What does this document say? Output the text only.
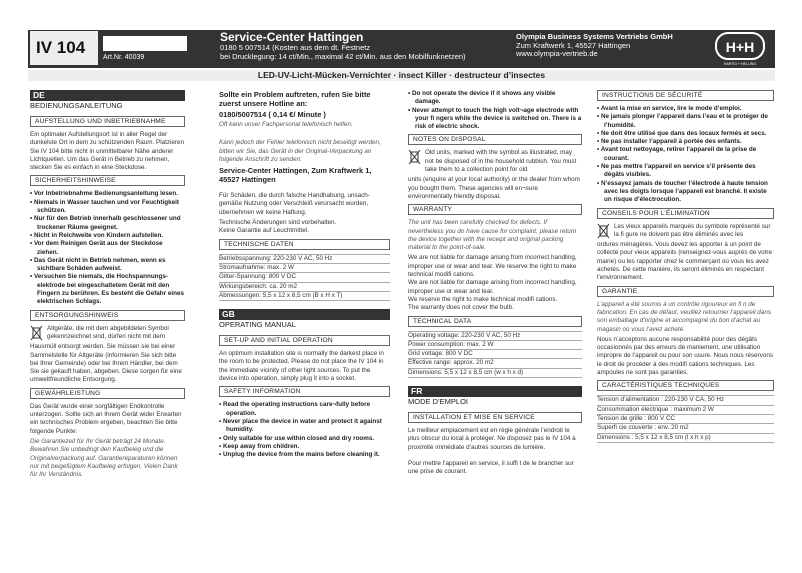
IV 104
Art.Nr. 40039
Service-Center Hattingen
0180 5 007514 (Kosten aus dem dt. Festnetz
bei Drucklegung: 14 ct/Min., maximal 42 ct/Min. aus den Mobilfunknetzen)
Olympia Business Systems Vertriebs GmbH
Zum Kraftwerk 1, 45527 Hattingen
www.olympia-vertrieb.de	H+H
HARTIG + HELLING
LED-UV-Licht-Mücken-Vernichter · insect Killer · destructeur d’insectes
DE
BEDIENUNGSANLEITUNG
AUFSTELLUNG UND INBETRIEBNAHME

Ein optimaler Aufstellungsort ist in aller Regel der dunkelste Ort in dem zu schützenden Raum. Platzieren Sie IV 104 bitte nicht in unmittelbarer Nähe anderer Lichtquellen. Um das Gerät in Betrieb zu nehmen, stecken Sie es einfach in eine Steckdose.

SICHERHEITSHINWEISE
• Vor Inbetriebnahme Bedienungsanleitung lesen.
• Niemals in Wasser tauchen und vor Feuchtigkeit schützen.
• Nur für den Betrieb innerhalb geschlossener und trockener Räume geeignet.
• Nicht in Reichweite von Kindern aufstellen.
• Vor dem Reinigen Gerät aus der Steckdose ziehen.
• Das Gerät nicht in Betrieb nehmen, wenn es sichtbare Schäden aufweist.
• Versuchen Sie niemals, die Hochspannungselektrode bei eingeschaltetem Gerät mit den Fingern zu berühren. Es besteht die Gefahr eines elektrischen Schlags.
ENTSORGUNGSHINWEIS

Altgeräte, die mit dem abgebildeten Symbol gekennzeichnet sind, dürfen nicht mit dem

Hausmüll entsorgt werden. Sie müssen sie bei einer Sammelstelle für Altgeräte (informieren Sie sich bitte bei Ihrer Gemeinde) oder bei Ihrem Händler, bei dem Sie sie gekauft haben, abgeben. Diese sorgen für eine umweltfreundliche Entsorgung.

GEWÄHRLEISTUNG

Das Gerät wurde einer sorgfältigen Endkontrolle unterzogen. Sollte sich an Ihrem Gerät wider Erwarten ein technisches Problem ergeben, beachten Sie bitte folgende Punkte:

Die Garantiezeit für Ihr Gerät beträgt 24 Monate. Bewahren Sie unbedingt den Kaufbeleg und die Originalverpackung auf. Garantiereparaturen können nur mit beigefügtem Kaufbeleg erfolgen. Vielen Dank für Ihr Verständnis.

Sollte ein Problem auftreten, rufen Sie bitte zuerst unsere Hotline an:

0180/5007514 ( 0,14 €/ Minute )

Oft kann unser Fachpersonal telefonisch helfen.

Kann jedoch der Fehler telefonisch nicht beseitigt werden, bitten wir Sie, das Gerät in der Original-Verpackung an folgende Anschrift zu senden:

Service-Center Hattingen, Zum Kraftwerk 1, 45527 Hattingen

Für Schäden, die durch falsche Handhabung, unsachgemäße Nutzung oder Verschleiß verursacht wurden, übernehmen wir keine Haftung.

Technische Änderungen sind vorbehalten.

Keine Garantie auf Leuchtmittel.

TECHNISCHE DATEN
Betriebsspannung: 220-230 V AC, 50 Hz
Stromaufnahme: max. 2 W
Gitter-Spannung: 800 V DC
Wirkungsbereich: ca. 20 m2
Abmessungen: 5,5 x 12 x 8,5 cm (B x H x T)
GB
OPERATING MANUAL
SET-UP AND INITIAL OPERATION

An optimum installation site is normally the darkest place in the room to be protected. Please do not place the IV 104 in the immediate vicinity of other light sources. To put the device into operation, simply plug it into a socket.

SAFETY INFORMATION
• Read the operating instructions care¬fully before operation.
• Never place the device in water and protect it against humidity.
• Only suitable for use within closed and dry rooms.
• Keep away from children.
• Unplug the device from the mains before cleaning it.
• Do not operate the device if it shows any visible damage.
• Never attempt to touch the high volt¬age electrode with your fi ngers while the device is switched on. There is a risk of electric shock.
NOTES ON DISPOSAL

Old units, marked with the symbol as illustrated, may not be disposed of in the household rubbish. You must take them to a collection point for old

units (enquire at your local authority) or the dealer from whom you bought them. These agencies will en¬sure environmentally friendly disposal.

WARRANTY

The unit has been carefully checked for defects. If nevertheless you do have cause for complaint, please return the device together with the receipt and original packing material to the point-of-sale.

We are not liable for damage arising from incorrect handling, improper use or wear and tear. We reserve the right to make technical modifi cations.

We are not liable for damage arising from incorrect handling, improper use or wear and tear.

We reserve the right to make technical modifi cations.

The warranty does not cover the bulb.

TECHNICAL DATA
Operating voltage: 220-230 V AC, 50 Hz
Power consumption: max. 2 W
Grid voltage: 800 V DC
Effective range: approx. 20 m2
Dimensions: 5,5 x 12 x 8,5 cm (w x h x d)
FR
MODE D’EMPLOI
INSTALLATION ET MISE EN SERVICE

Le meilleur emplacement est en règle générale l’endroit le plus obscur du local à protéger. Ne disposez pas le IV 104 à proximité immédiate d’autres sources de lumière.

Pour mettre l’appareil en service, il suffi t de le brancher sur une prise de courant.

INSTRUCTIONS DE SÉCURITÉ
• Avant la mise en service, lire le mode d’emploi.
• Ne jamais plonger l’appareil dans l’eau et le protéger de l’humidité.
• Ne doit être utilisé que dans des locaux fermés et secs.
• Ne pas installer l’appareil à portée des enfants.
• Avant tout nettoyage, retirer l’appareil de la prise de courant.
• Ne pas mettre l’appareil en service s’il présente des dégâts visibles.
• N’essayez jamais de toucher l’électrode à haute tension avec les doigts lorsque l’appareil est branché. Il existe un risque d’électrocution.
CONSEILS POUR L’ÉLIMINATION

Les vieux appareils marqués du symbole représenté sur la fi gure ne doivent pas être éliminés avec les

ordures ménagères. Vous devez les apporter à un point de collecte pour vieux appareils (renseignez-vous auprès de votre mairie) ou les rapporter chez le commerçant où vous les avez achetés. De cette manière, ils seront éliminés en respectant l’environnement.

GARANTIE

L’appareil a été soumis à un contrôle rigoureux en fi n de fabrication. En cas de défaut, veuillez retourner l’appareil dans son emballage d’origine et accompagné du bon d’achat au magasin où vous l’avez acheté.

Nous n’acceptons aucune responsabilité pour des dégâts occasionnés par des erreurs de maniement, une utilisation impropre de l’appareil ou pour son usure. Nous nous réservons le droit de procéder à des modifi cations techniques. Les ampoules ne sont pas garanties.

CARACTÉRISTIQUES TECHNIQUES
Tension d’alimentation : 220-230 V CA, 50 Hz
Consommation électrique : maximum 2 W
Tension de grille : 800 V CC
Superfi cie couverte : env. 20 m2
Dimensions : 5,5 x 12 x 8,5 cm (l x h x p)
